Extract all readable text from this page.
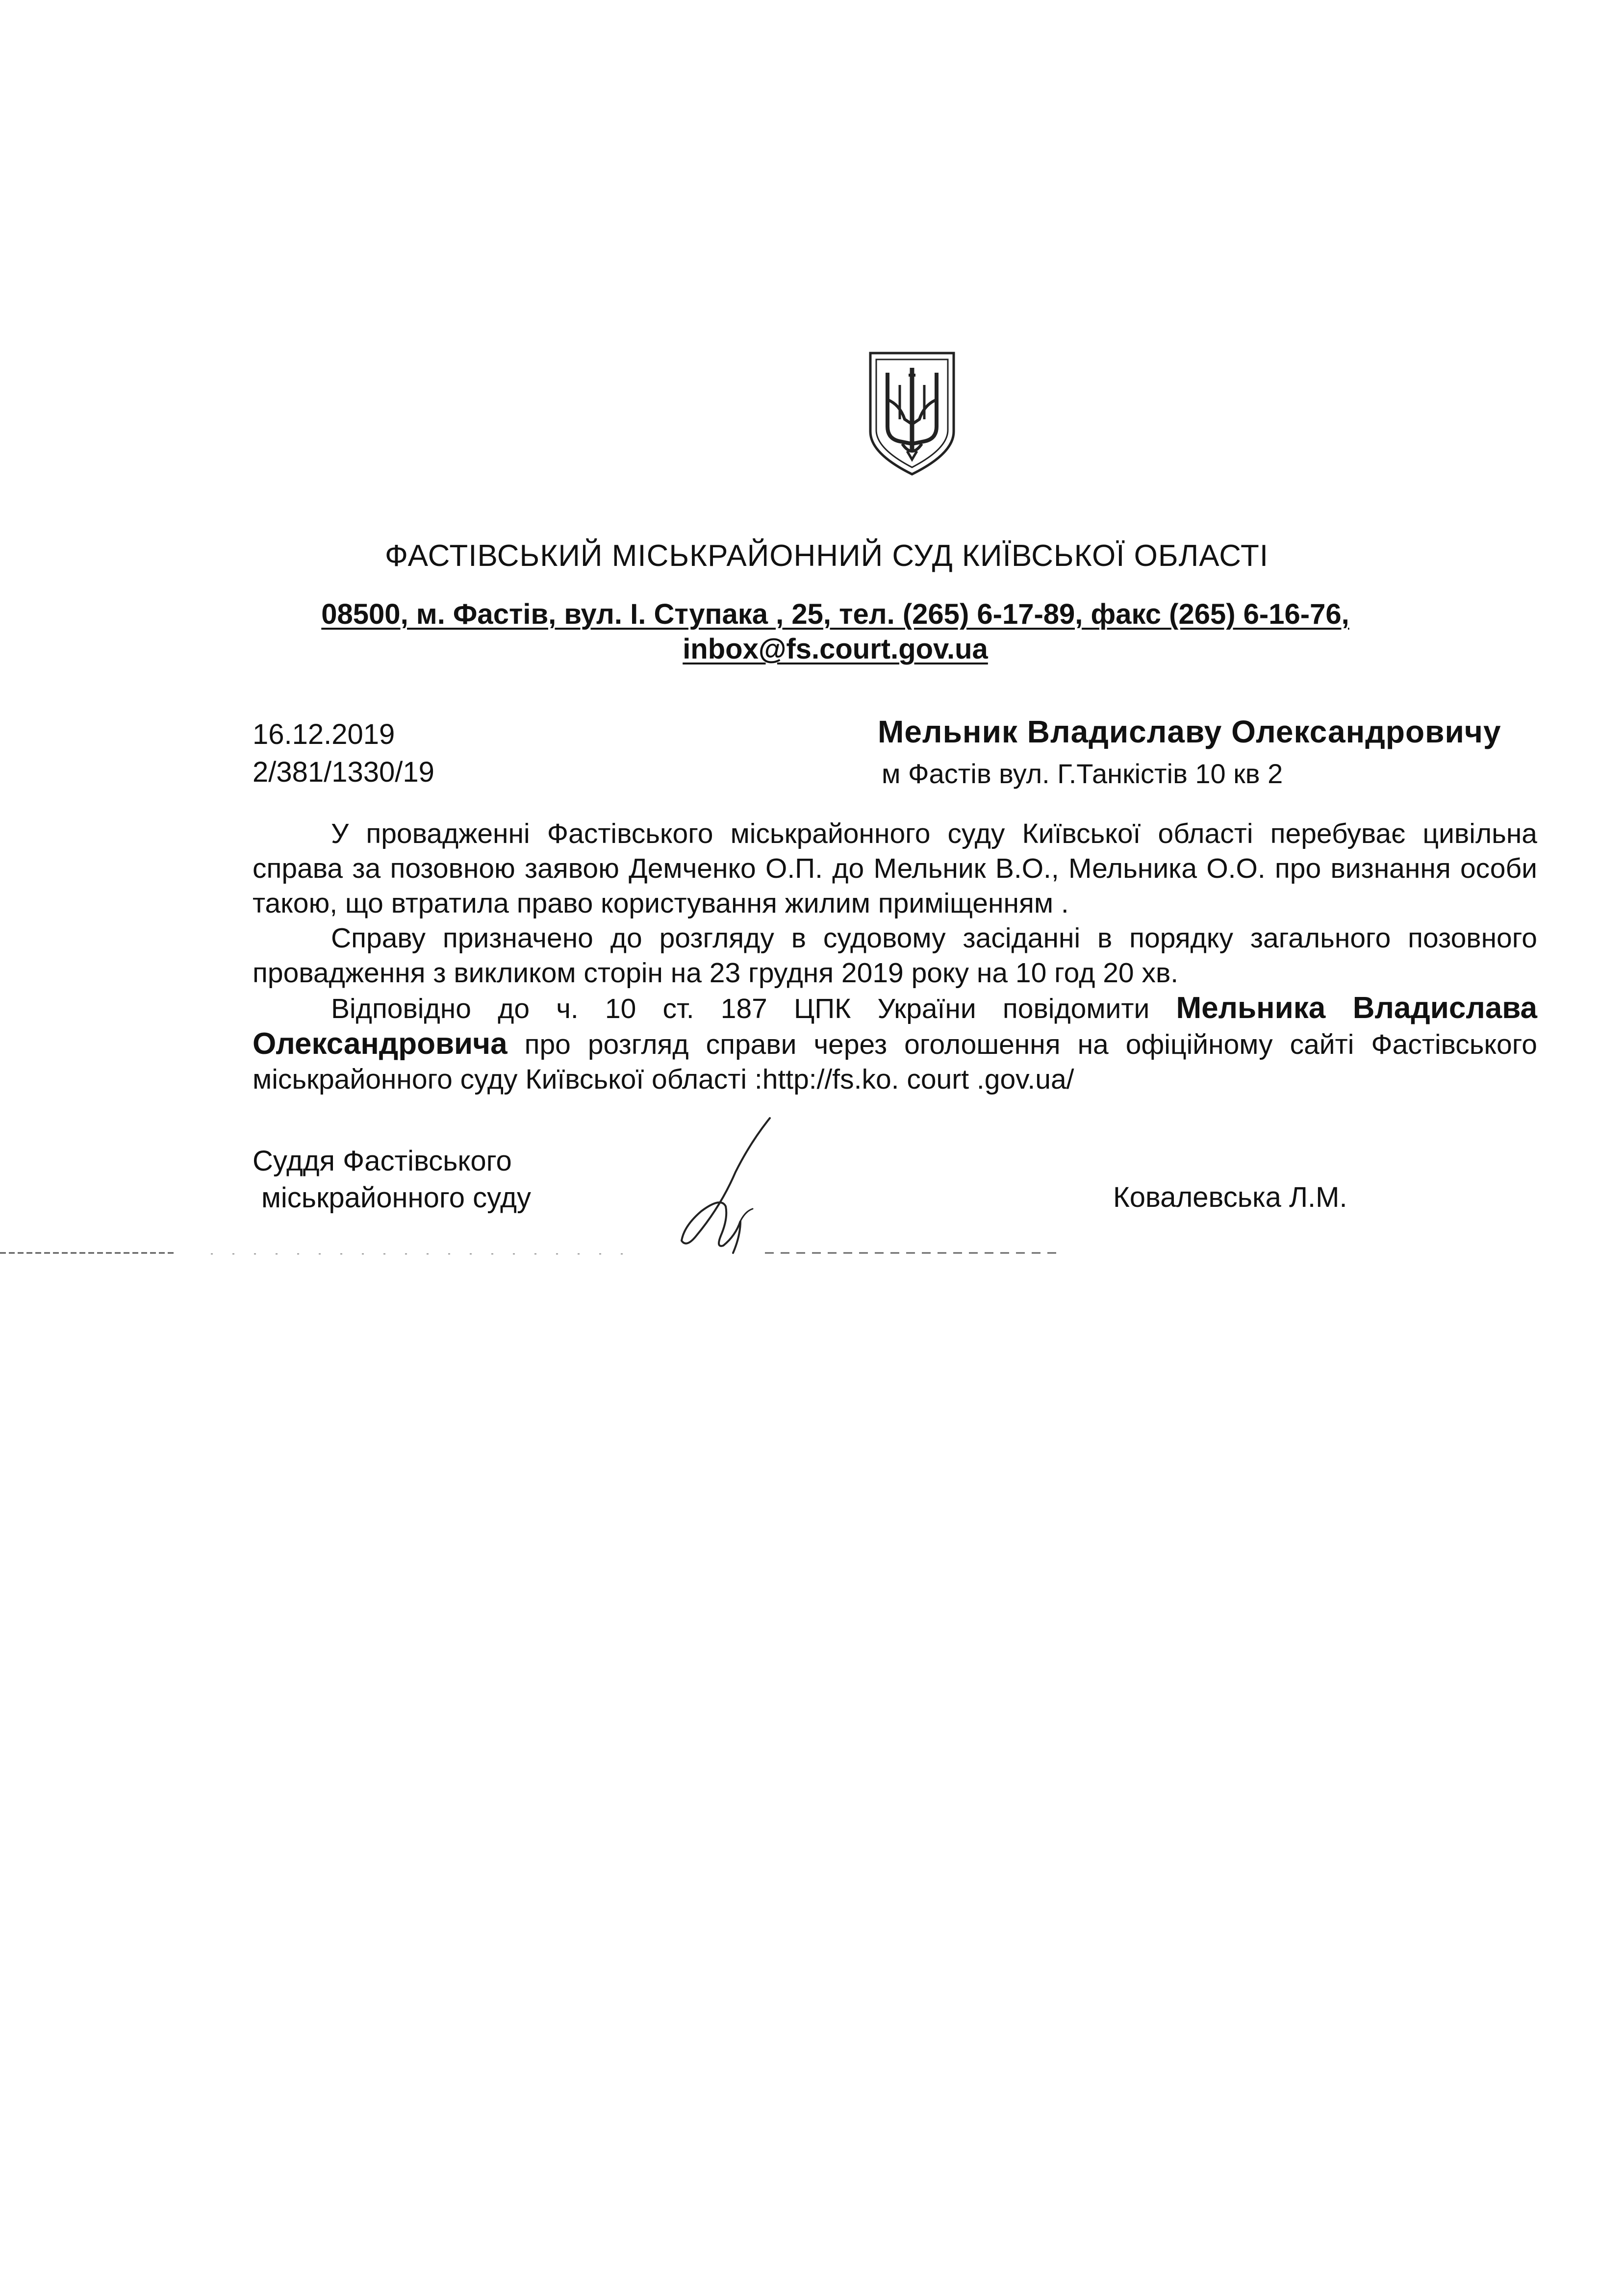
ФАСТІВСЬКИЙ МІСЬКРАЙОННИЙ СУД КИЇВСЬКОЇ ОБЛАСТІ
08500, м. Фастів, вул. І. Ступака , 25, тел. (265) 6-17-89, факс (265) 6-16-76,
inbox@fs.court.gov.ua
16.12.2019
2/381/1330/19
Мельник Владиславу Олександровичу
м Фастів вул. Г.Танкістів 10 кв 2

У провадженні Фастівського міськрайонного суду Київської області перебуває цивільна справа за позовною заявою Демченко О.П. до Мельник В.О., Мельника О.О. про визнання особи такою, що втратила право користування жилим приміщенням .

Справу призначено до розгляду в судовому засіданні в порядку загального позовного провадження з викликом сторін на 23 грудня 2019 року на 10 год 20 хв.

Відповідно до ч. 10 ст. 187 ЦПК України повідомити Мельника Владислава Олександровича про розгляд справи через оголошення на офіційному сайті Фастівського міськрайонного суду Київської області :http://fs.ko. court .gov.ua/

Суддя Фастівського
міськрайонного суду	Ковалевська Л.М.
